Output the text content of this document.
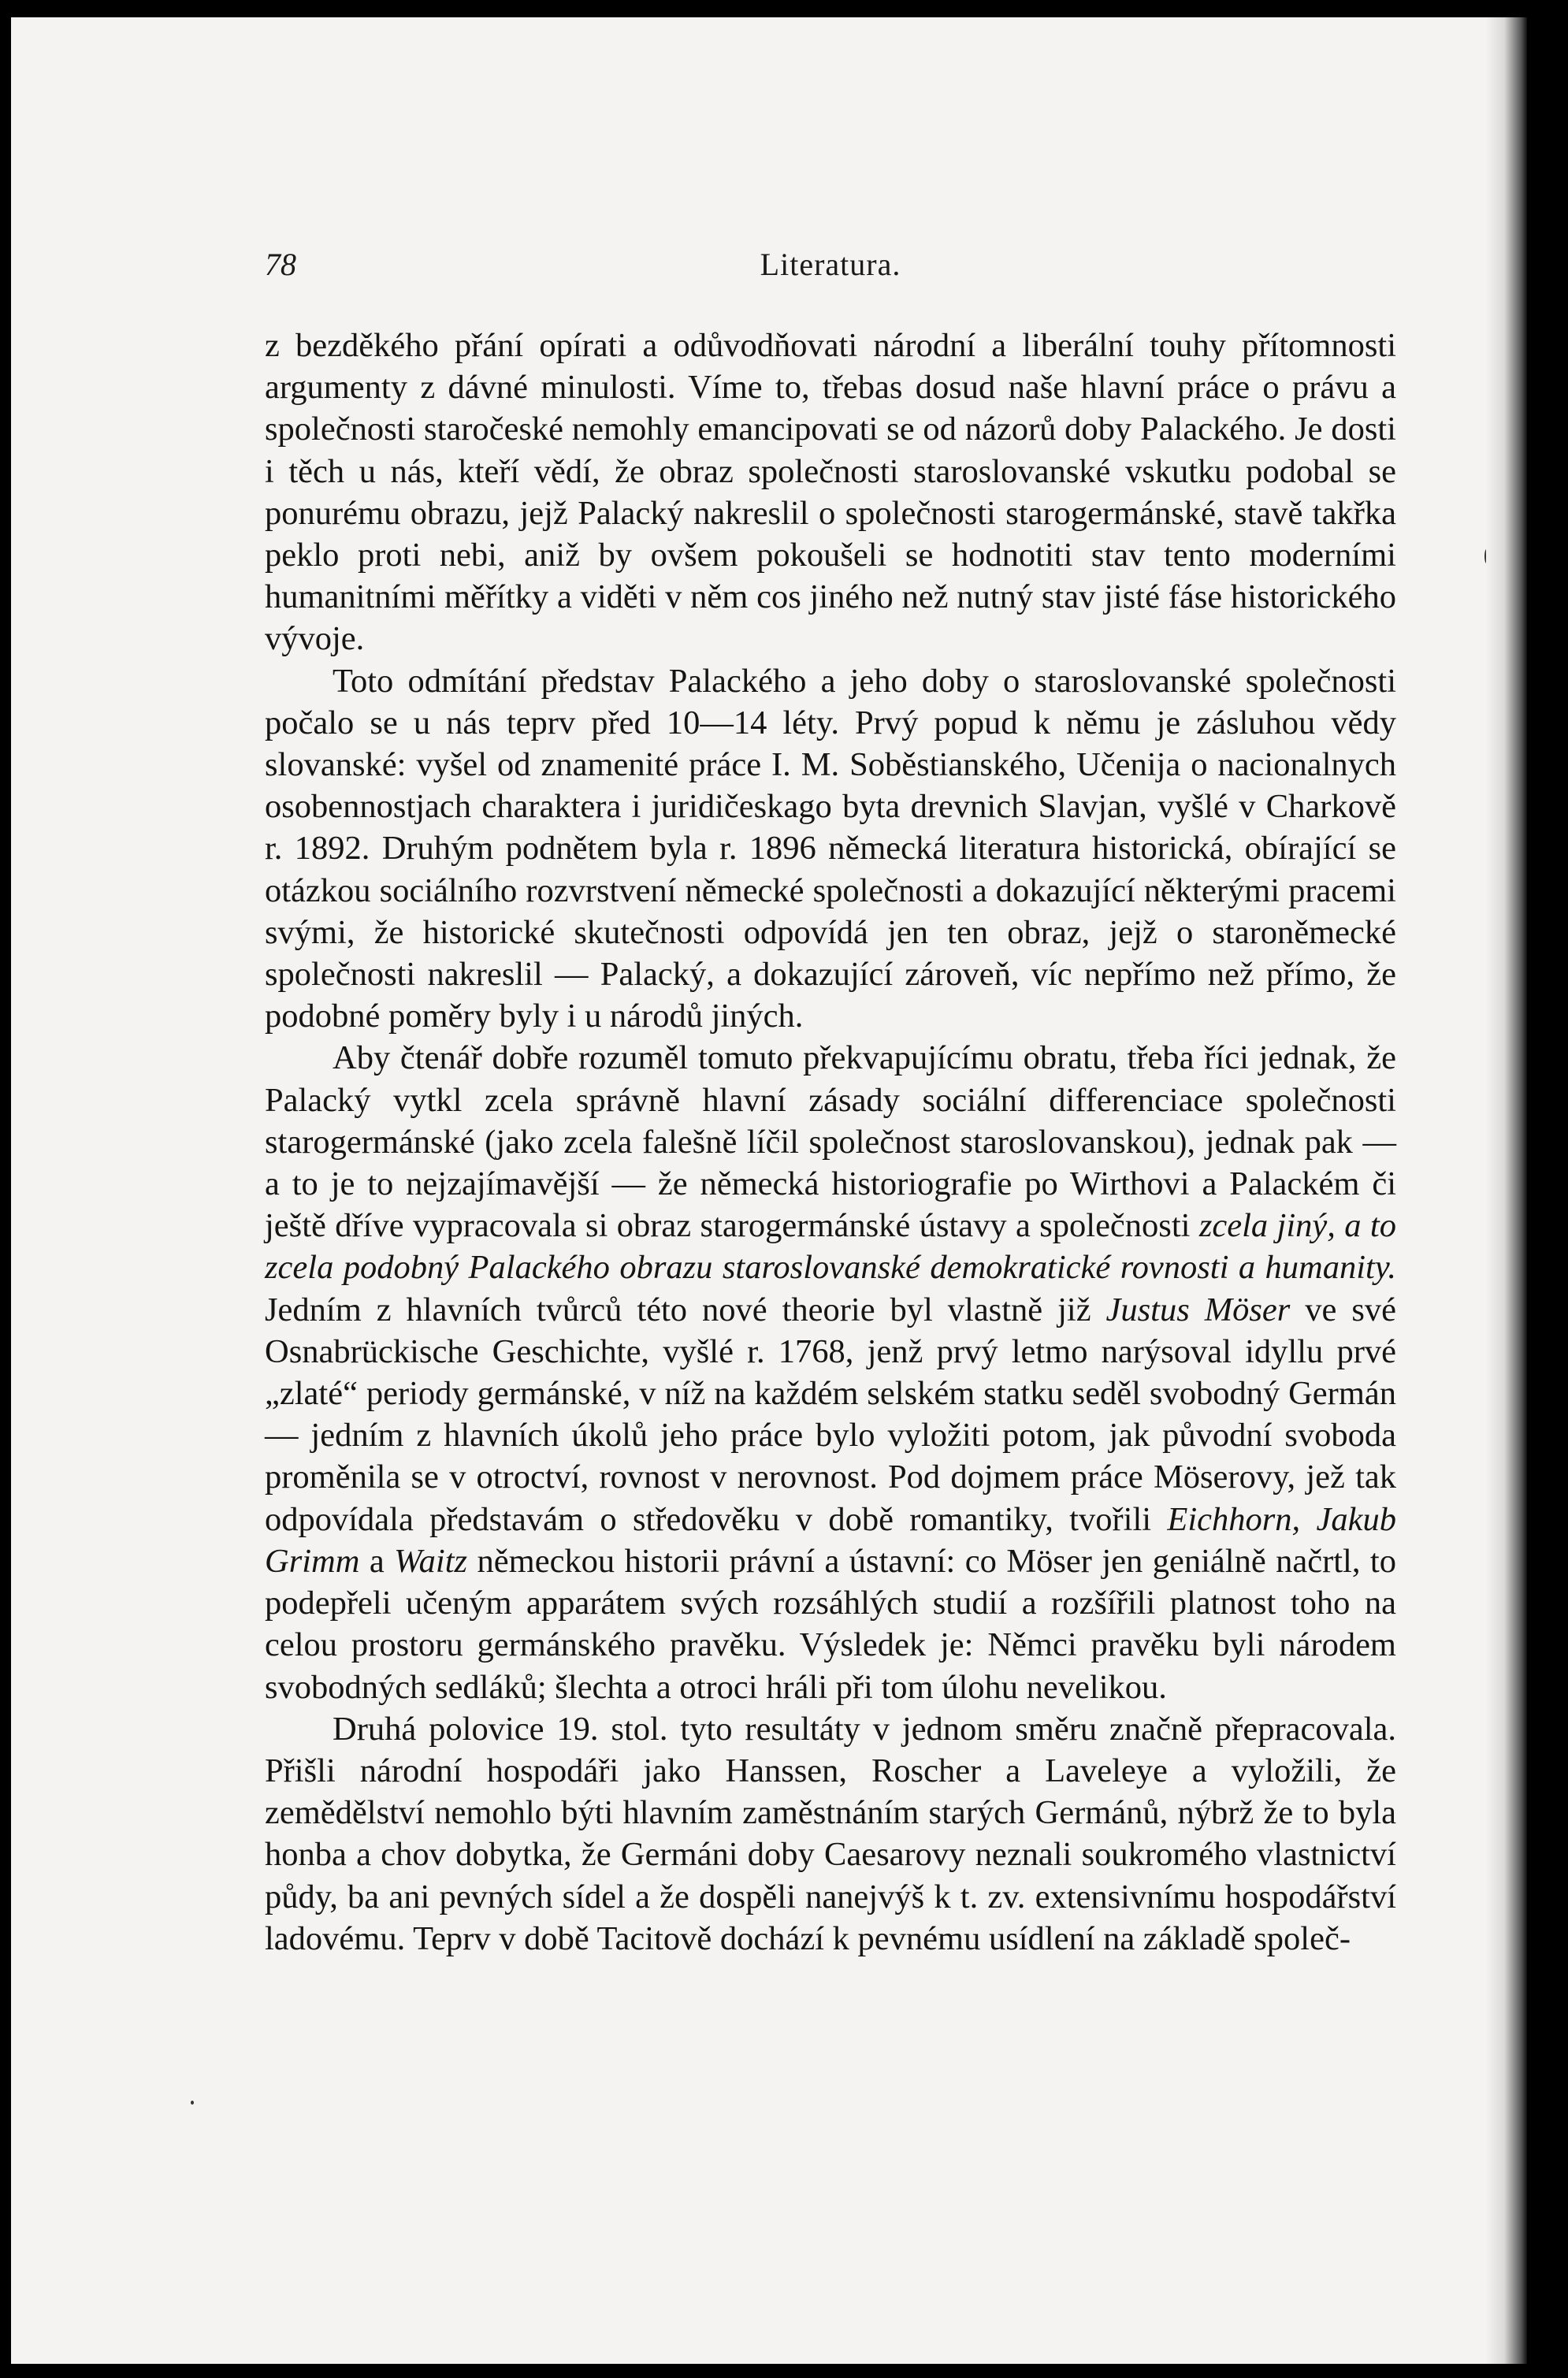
78	Literatura.

z bezděkého přání opírati a odůvodňovati národní a liberální touhy přítomnosti argumenty z dávné minulosti. Víme to, třebas dosud naše hlavní práce o právu a společnosti staročeské nemohly emancipovati se od názorů doby Palackého. Je dosti i těch u nás, kteří vědí, že obraz společnosti staroslovanské vskutku podobal se ponurému obrazu, jejž Palacký nakreslil o společnosti starogermánské, stavě takřka peklo proti nebi, aniž by ovšem pokoušeli se hodnotiti stav tento moderními humanitními měřítky a viděti v něm cos jiného než nutný stav jisté fáse historického vývoje.

Toto odmítání představ Palackého a jeho doby o staroslovanské společnosti počalo se u nás teprv před 10—14 léty. Prvý popud k němu je zásluhou vědy slovanské: vyšel od znamenité práce I. M. Soběstianského, Učenija o nacionalnych osobennostjach charaktera i juridičeskago byta drevnich Slavjan, vyšlé v Charkově r. 1892. Druhým podnětem byla r. 1896 německá literatura historická, obírající se otázkou sociálního rozvrstvení německé společnosti a dokazující některými pracemi svými, že historické skutečnosti odpovídá jen ten obraz, jejž o staroněmecké společnosti nakreslil — Palacký, a dokazující zároveň, víc nepřímo než přímo, že podobné poměry byly i u národů jiných.

Aby čtenář dobře rozuměl tomuto překvapujícímu obratu, třeba říci jednak, že Palacký vytkl zcela správně hlavní zásady sociální differenciace společnosti starogermánské (jako zcela falešně líčil společnost staroslovanskou), jednak pak — a to je to nejzajímavější — že německá historiografie po Wirthovi a Palackém či ještě dříve vypracovala si obraz starogermánské ústavy a společnosti zcela jiný, a to zcela podobný Palackého obrazu staroslovanské demokratické rovnosti a humanity. Jedním z hlavních tvůrců této nové theorie byl vlastně již Justus Möser ve své Osnabrückische Geschichte, vyšlé r. 1768, jenž prvý letmo narýsoval idyllu prvé „zlaté“ periody germánské, v níž na každém selském statku seděl svobodný Germán — jedním z hlavních úkolů jeho práce bylo vyložiti potom, jak původní svoboda proměnila se v otroctví, rovnost v nerovnost. Pod dojmem práce Möserovy, jež tak odpovídala představám o středověku v době romantiky, tvořili Eichhorn, Jakub Grimm a Waitz německou historii právní a ústavní: co Möser jen geniálně načrtl, to podepřeli učeným apparátem svých rozsáhlých studií a rozšířili platnost toho na celou prostoru germánského pravěku. Výsledek je: Němci pravěku byli národem svobodných sedláků; šlechta a otroci hráli při tom úlohu nevelikou.

Druhá polovice 19. stol. tyto resultáty v jednom směru značně přepracovala. Přišli národní hospodáři jako Hanssen, Roscher a Laveleye a vyložili, že zemědělství nemohlo býti hlavním zaměstnáním starých Germánů, nýbrž že to byla honba a chov dobytka, že Germáni doby Caesarovy neznali soukromého vlastnictví půdy, ba ani pevných sídel a že dospěli nanejvýš k t. zv. extensivnímu hospodářství ladovému. Teprv v době Tacitově dochází k pevnému usídlení na základě společ-
